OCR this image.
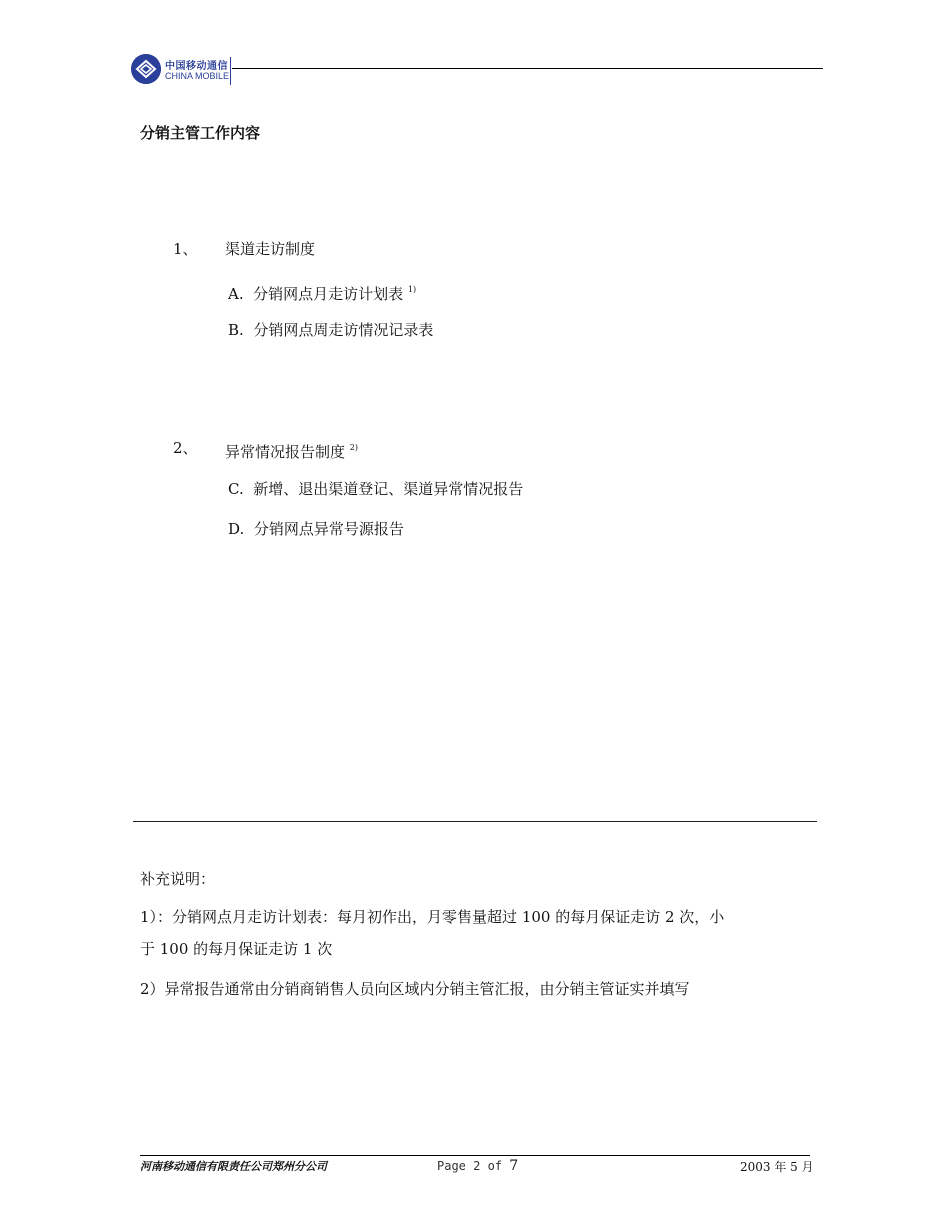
中国移动通信
CHINA MOBILE
分销主管工作内容
1、 渠道走访制度
A. 分销网点月走访计划表 $^{1)}$
B. 分销网点周走访情况记录表
2、 异常情况报告制度 $^{2)}$
C. 新增、退出渠道登记、渠道异常情况报告
D. 分销网点异常号源报告
补充说明：
1）：分销网点月走访计划表：每月初作出，月零售量超过 100 的每月保证走访 2 次，小
于 100 的每月保证走访 1 次
2）异常报告通常由分销商销售人员向区域内分销主管汇报，由分销主管证实并填写
河南移动通信有限责任公司郑州分公司	Page 2 of 7	2003 年 5 月
